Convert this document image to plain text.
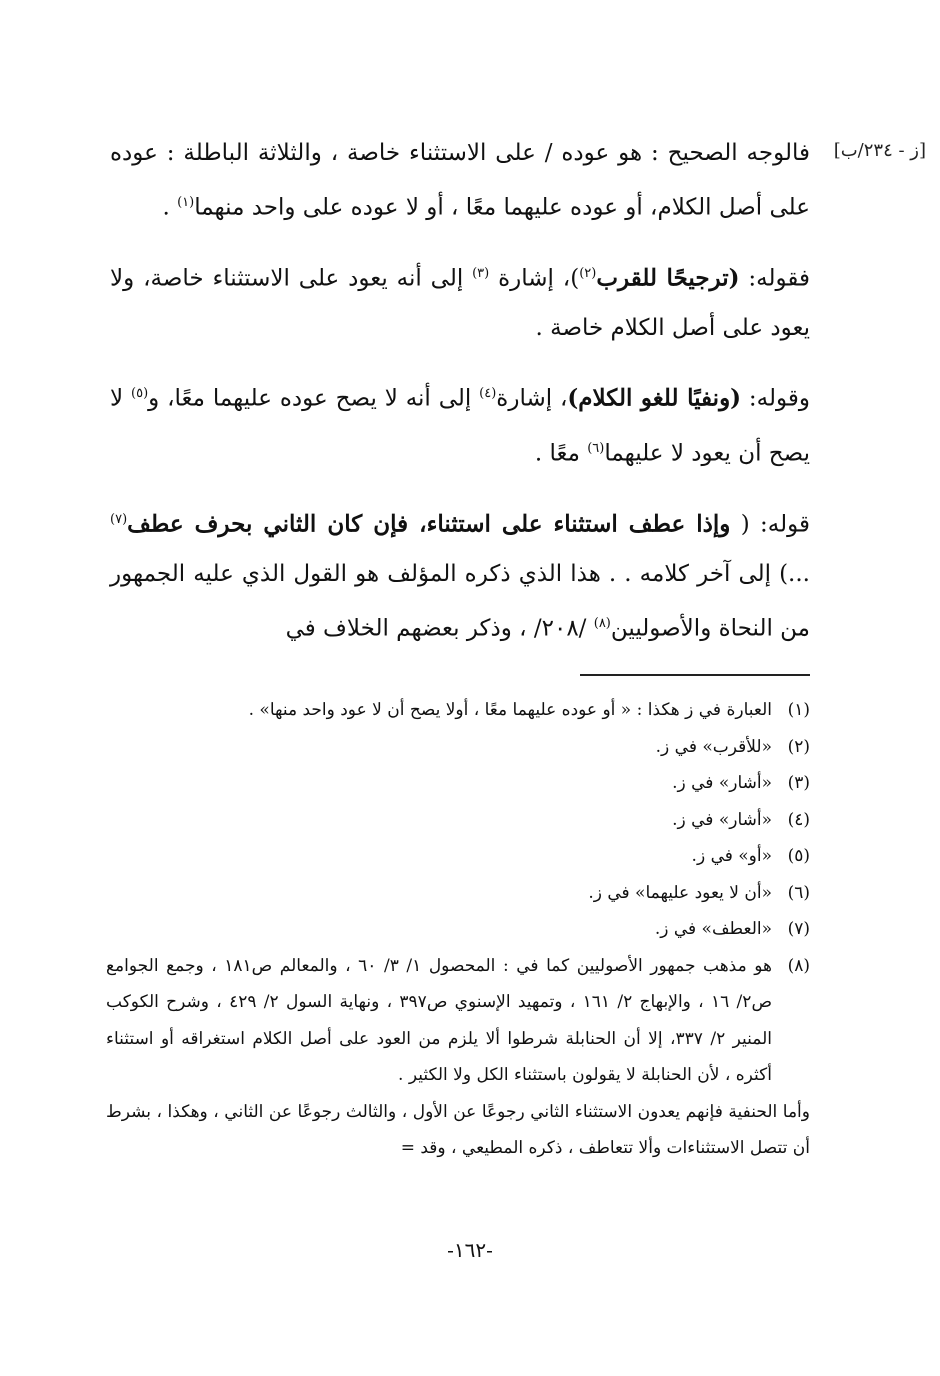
[ز - ٢٣٤/ب]

فالوجه الصحيح : هو عوده / على الاستثناء خاصة ، والثلاثة الباطلة : عوده على أصل الكلام، أو عوده عليهما معًا ، أو لا عوده على واحد منهما$^{(١)}$ .

فقوله: (ترجيحًا للقرب$^{(٢)}$)، إشارة $^{(٣)}$ إلى أنه يعود على الاستثناء خاصة، ولا يعود على أصل الكلام خاصة .

وقوله: (ونفيًا للغو الكلام)، إشارة$^{(٤)}$ إلى أنه لا يصح عوده عليهما معًا، و$^{(٥)}$ لا يصح أن يعود لا عليهما$^{(٦)}$ معًا .

قوله: ( وإذا عطف استثناء على استثناء، فإن كان الثاني بحرف عطف$^{(٧)}$ ...) إلى آخر كلامه . . هذا الذي ذكره المؤلف هو القول الذي عليه الجمهور من النحاة والأصوليين$^{(٨)}$ /٢٠٨/ ، وذكر بعضهم الخلاف في

(١)
العبارة في ز هكذا : « أو عوده عليهما معًا ، أولا يصح أن لا عود واحد منها» .
(٢)
«للأقرب» في ز.
(٣)
«أشار» في ز.
(٤)
«أشار» في ز.
(٥)
«أو» في ز.
(٦)
«أن لا يعود عليهما» في ز.
(٧)
«العطف» في ز.
(٨)
هو مذهب جمهور الأصوليين كما في : المحصول ١/ ٣/ ٦٠ ، والمعالم ص١٨١ ، وجمع الجوامع ص٢/ ١٦ ، والإبهاج ٢/ ١٦١ ، وتمهيد الإسنوي ص٣٩٧ ، ونهاية السول ٢/ ٤٢٩ ، وشرح الكوكب المنير ٢/ ٣٣٧، إلا أن الحنابلة شرطوا ألا يلزم من العود على أصل الكلام استغراقه أو استثناء أكثره ، لأن الحنابلة لا يقولون باستثناء الكل ولا الكثير .
وأما الحنفية فإنهم يعدون الاستثناء الثاني رجوعًا عن الأول ، والثالث رجوعًا عن الثاني ، وهكذا ، بشرط أن تتصل الاستثناءات وألا تتعاطف ، ذكره المطيعي ، وقد =
-١٦٢-
